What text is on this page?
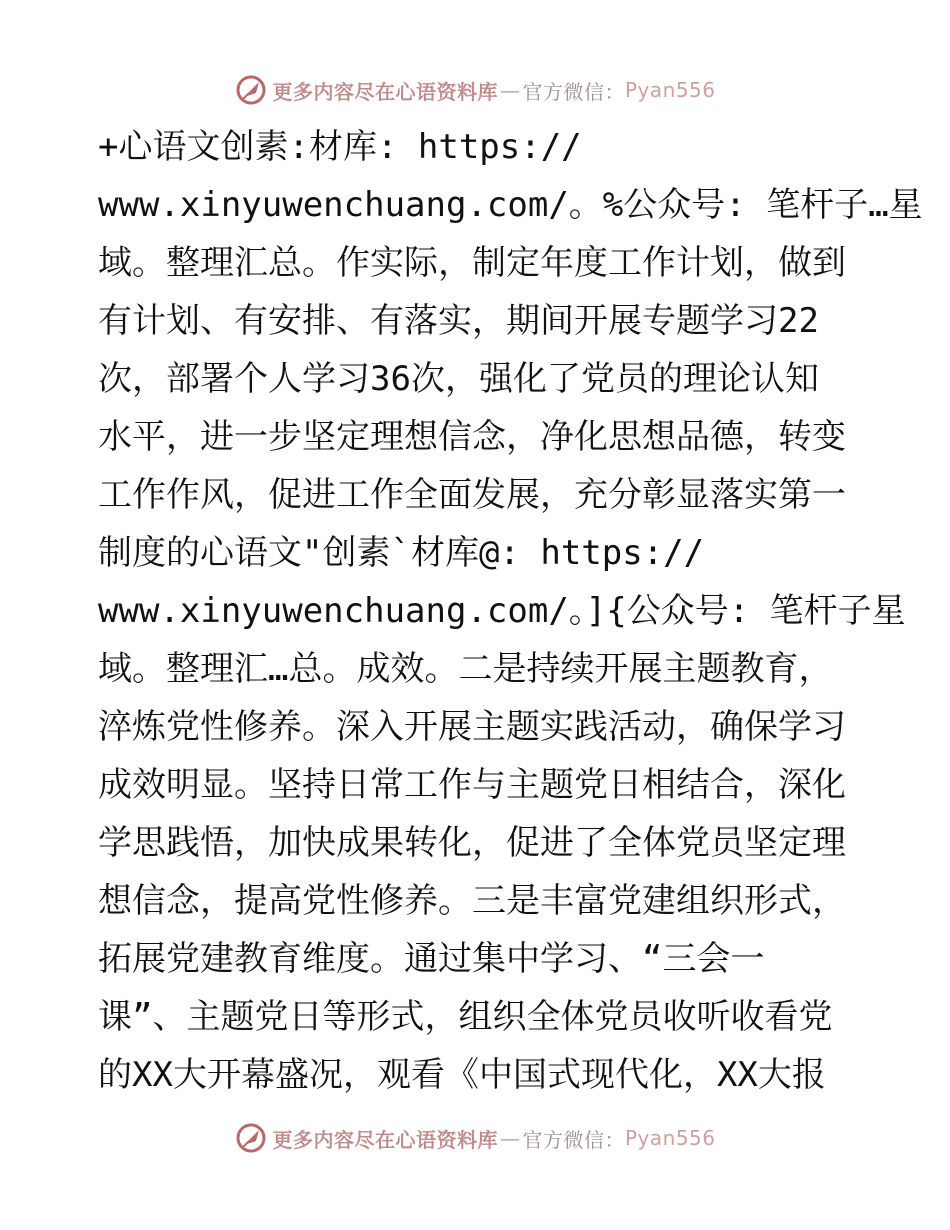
更多内容尽在心语资料库 — 官方微信： Pyan556
+心语文创素:材库: https://
www.xinyuwenchuang.com/。%公众号: 笔杆子…星
域。整理汇总。作实际，制定年度工作计划，做到
有计划、有安排、有落实，期间开展专题学习22
次，部署个人学习36次，强化了党员的理论认知
水平，进一步坚定理想信念，净化思想品德，转变
工作作风，促进工作全面发展，充分彰显落实第一
制度的心语文"创素`材库@: https://
www.xinyuwenchuang.com/。]{公众号: 笔杆子星
域。整理汇…总。成效。二是持续开展主题教育，
淬炼党性修养。深入开展主题实践活动，确保学习
成效明显。坚持日常工作与主题党日相结合，深化
学思践悟，加快成果转化，促进了全体党员坚定理
想信念，提高党性修养。三是丰富党建组织形式，
拓展党建教育维度。通过集中学习、“三会一
课”、主题党日等形式，组织全体党员收听收看党
的XX大开幕盛况，观看《中国式现代化，XX大报
更多内容尽在心语资料库 — 官方微信： Pyan556
